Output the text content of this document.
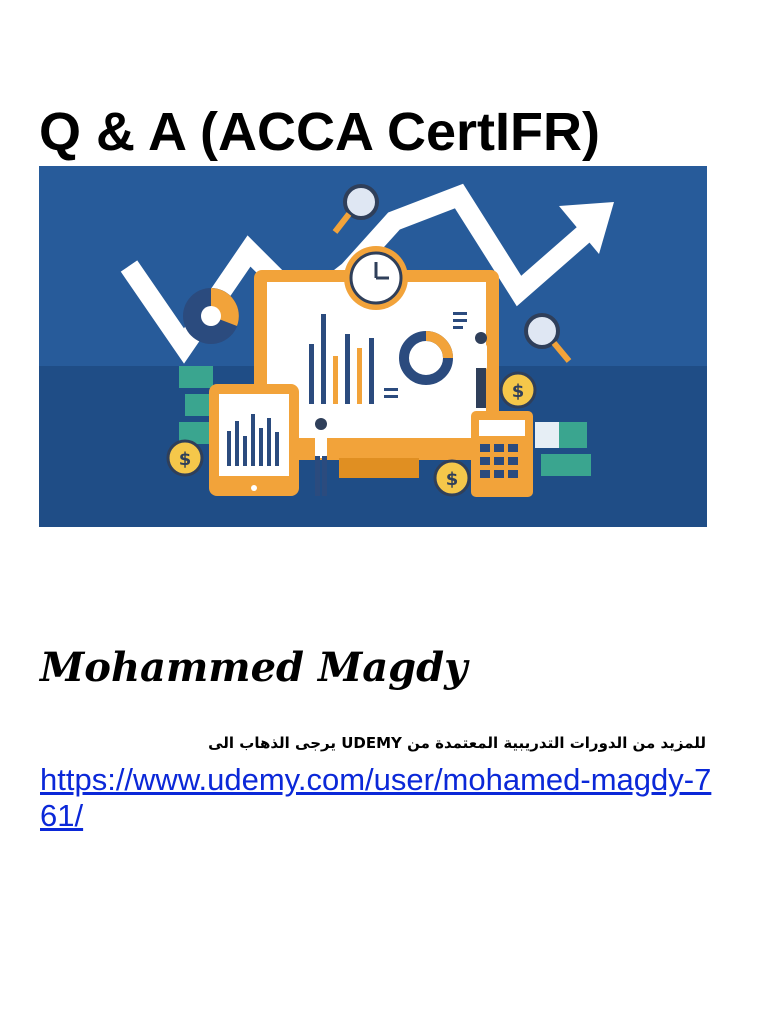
Q & A (ACCA CertIFR)
$
$
$
Mohammed Magdy
للمزيد من الدورات التدريبية المعتمدة من UDEMY يرجى الذهاب الى
https://www.udemy.com/user/mohamed-magdy-761/
